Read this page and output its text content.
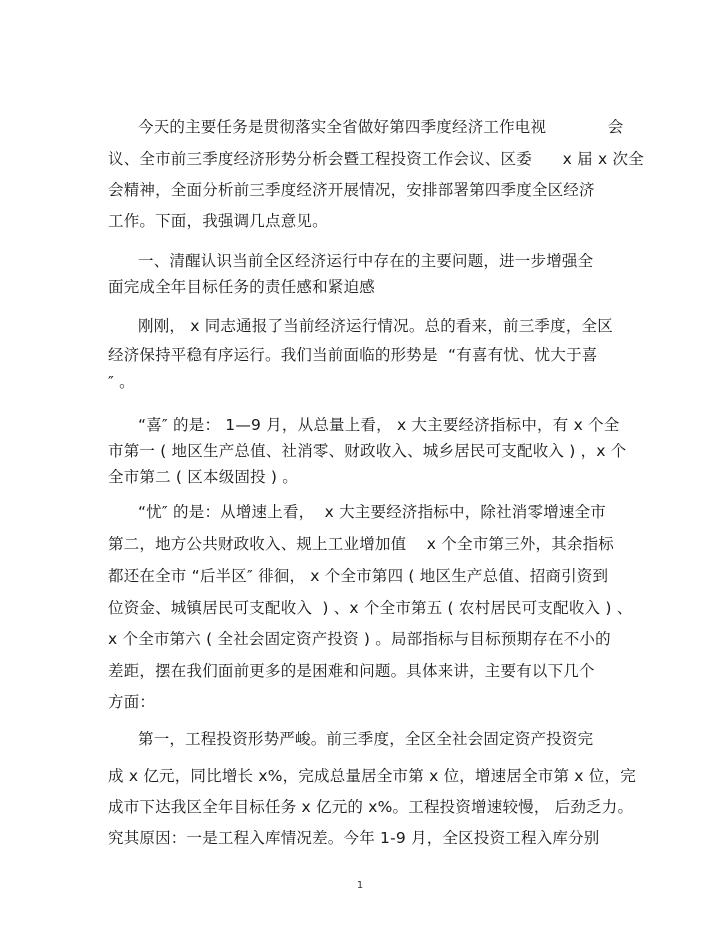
今天的主要任务是贯彻落实全省做好第四季度经济工作电视            会
议、全市前三季度经济形势分析会暨工程投资工作会议、区委      x 届 x 次全
会精神，全面分析前三季度经济开展情况，安排部署第四季度全区经济
工作。下面，我强调几点意见。
一、清醒认识当前全区经济运行中存在的主要问题，进一步增强全
面完成全年目标任务的责任感和紧迫感
刚刚， x 同志通报了当前经济运行情况。总的看来，前三季度，全区
经济保持平稳有序运行。我们当前面临的形势是  “有喜有忧、忧大于喜
″ 。
“喜″ 的是： 1—9 月，从总量上看， x 大主要经济指标中，有 x 个全
市第一 ( 地区生产总值、社消零、财政收入、城乡居民可支配收入 ) ，x 个
全市第二 ( 区本级固投 ) 。
“忧″ 的是：从增速上看，  x 大主要经济指标中，除社消零增速全市
第二，地方公共财政收入、规上工业增加值    x 个全市第三外，其余指标
都还在全市 “后半区″ 徘徊， x 个全市第四 ( 地区生产总值、招商引资到
位资金、城镇居民可支配收入  ) 、x 个全市第五 ( 农村居民可支配收入 ) 、
x 个全市第六 ( 全社会固定资产投资 ) 。局部指标与目标预期存在不小的
差距，摆在我们面前更多的是困难和问题。具体来讲，主要有以下几个
方面：
第一，工程投资形势严峻。前三季度，全区全社会固定资产投资完
成 x 亿元，同比增长 x%，完成总量居全市第 x 位，增速居全市第 x 位，完
成市下达我区全年目标任务 x 亿元的 x%。工程投资增速较慢， 后劲乏力。
究其原因：一是工程入库情况差。今年 1-9 月，全区投资工程入库分别
1
